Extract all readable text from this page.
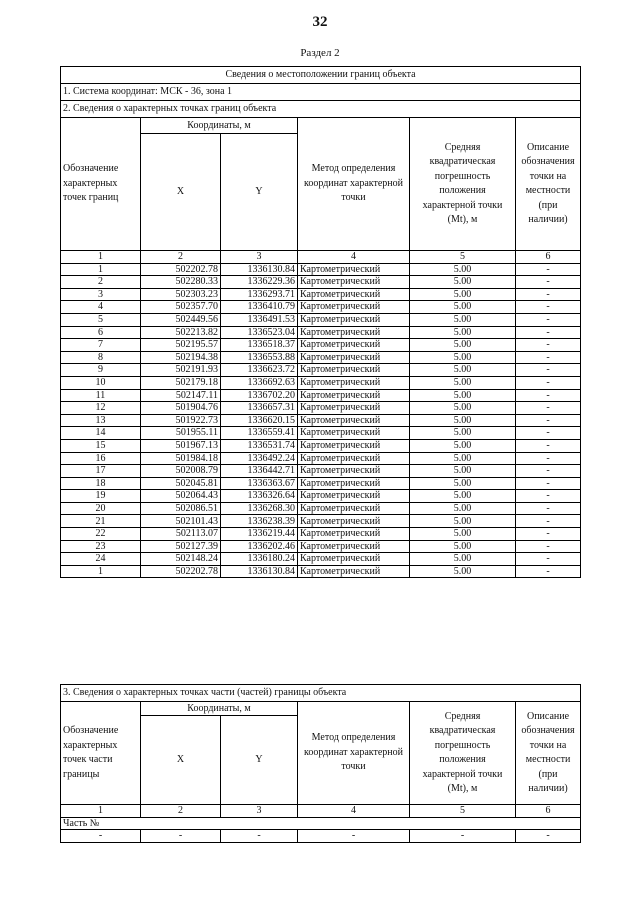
32
Раздел 2
Сведения о местоположении границ объекта					
1. Система координат: МСК - 36, зона 1					
2. Сведения о характерных точках границ объекта					
Обозначение характерных точек границ	Координаты, м		Метод определения координат характерной точки	Средняя квадратическая погрешность положения характерной точки (Mt), м	Описание обозначения точки на местности (при наличии)
	X	Y			
1	2	3	4	5	6
1	502202.78	1336130.84	Картометрический	5.00	-
2	502280.33	1336229.36	Картометрический	5.00	-
3	502303.23	1336293.71	Картометрический	5.00	-
4	502357.70	1336410.79	Картометрический	5.00	-
5	502449.56	1336491.53	Картометрический	5.00	-
6	502213.82	1336523.04	Картометрический	5.00	-
7	502195.57	1336518.37	Картометрический	5.00	-
8	502194.38	1336553.88	Картометрический	5.00	-
9	502191.93	1336623.72	Картометрический	5.00	-
10	502179.18	1336692.63	Картометрический	5.00	-
11	502147.11	1336702.20	Картометрический	5.00	-
12	501904.76	1336657.31	Картометрический	5.00	-
13	501922.73	1336620.15	Картометрический	5.00	-
14	501955.11	1336559.41	Картометрический	5.00	-
15	501967.13	1336531.74	Картометрический	5.00	-
16	501984.18	1336492.24	Картометрический	5.00	-
17	502008.79	1336442.71	Картометрический	5.00	-
18	502045.81	1336363.67	Картометрический	5.00	-
19	502064.43	1336326.64	Картометрический	5.00	-
20	502086.51	1336268.30	Картометрический	5.00	-
21	502101.43	1336238.39	Картометрический	5.00	-
22	502113.07	1336219.44	Картометрический	5.00	-
23	502127.39	1336202.46	Картометрический	5.00	-
24	502148.24	1336180.24	Картометрический	5.00	-
1	502202.78	1336130.84	Картометрический	5.00	-
3. Сведения о характерных точках части (частей) границы объекта					
Обозначение характерных точек части границы	Координаты, м		Метод определения координат характерной точки	Средняя квадратическая погрешность положения характерной точки (Mt), м	Описание обозначения точки на местности (при наличии)
	X	Y			
1	2	3	4	5	6
Часть №					
-	-	-	-	-	-
